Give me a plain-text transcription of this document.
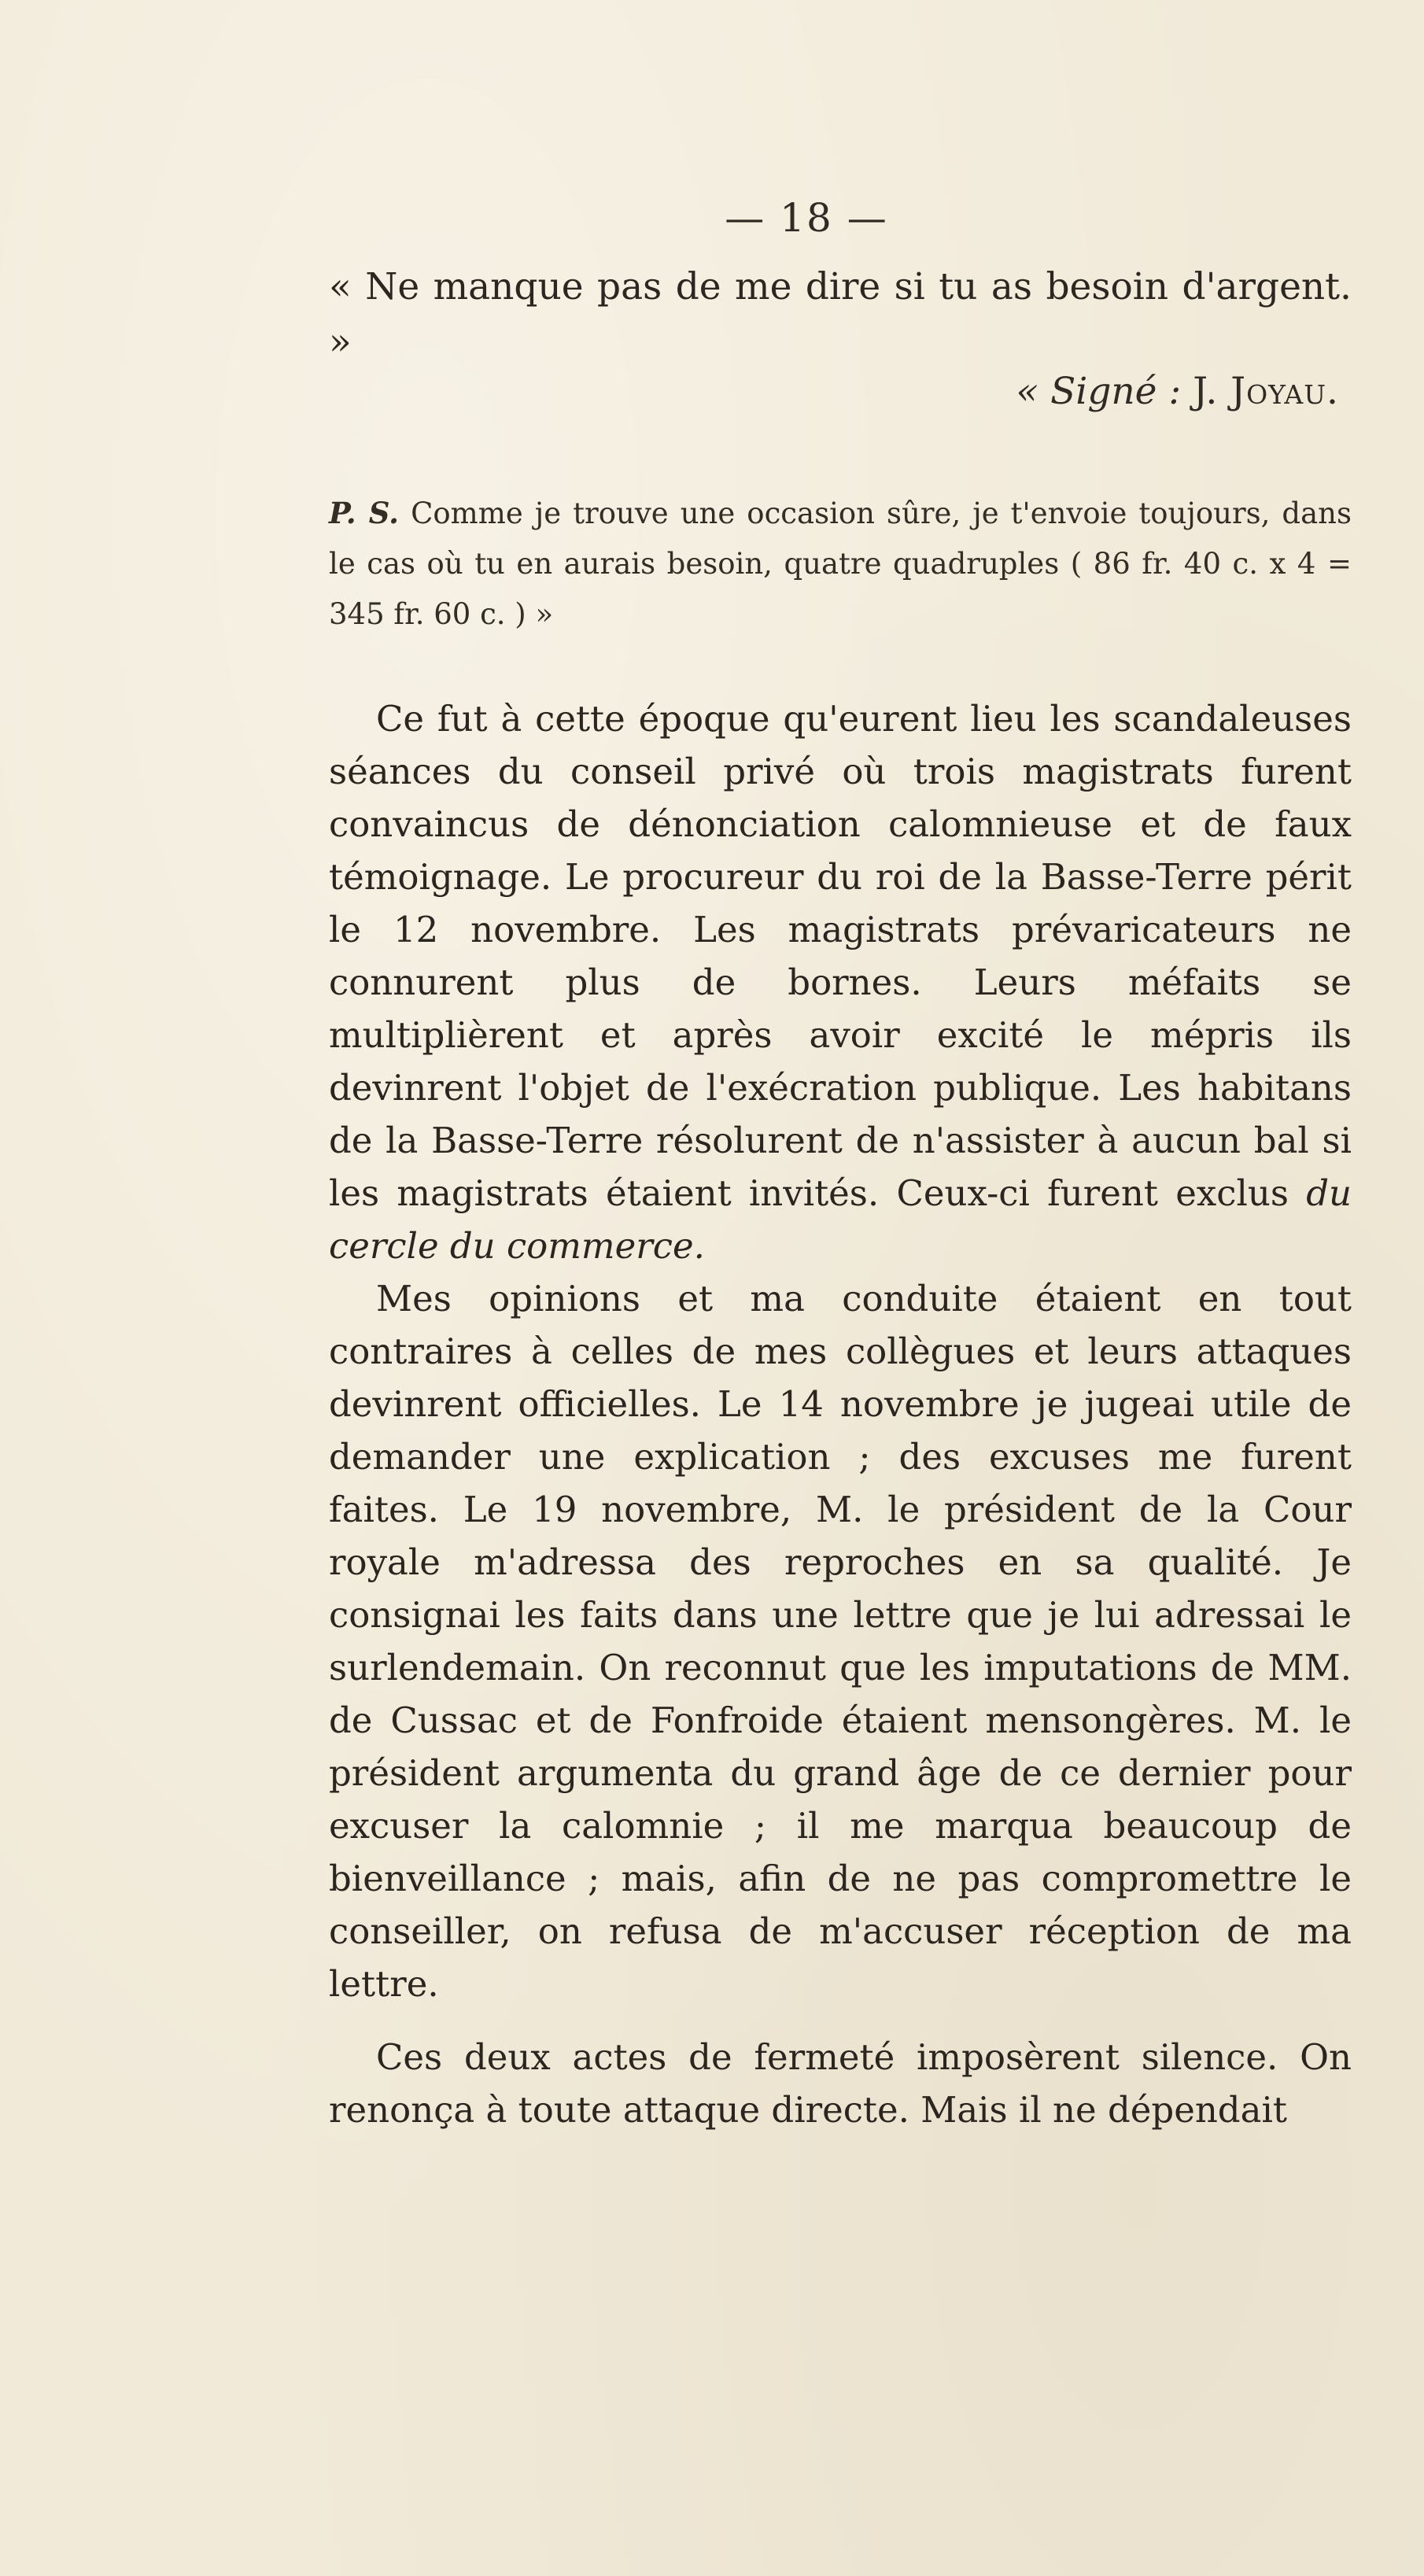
— 18 —
« Ne manque pas de me dire si tu as besoin d'argent. »
« Signé : J. Joyau.
P. S. Comme je trouve une occasion sûre, je t'envoie toujours, dans le cas où tu en aurais besoin, quatre quadruples ( 86 fr. 40 c. x 4 = 345 fr. 60 c. ) »

Ce fut à cette époque qu'eurent lieu les scandaleuses séances du conseil privé où trois magistrats furent convaincus de dénonciation calomnieuse et de faux témoignage. Le procureur du roi de la Basse-Terre périt le 12 novembre. Les magistrats prévaricateurs ne connurent plus de bornes. Leurs méfaits se multiplièrent et après avoir excité le mépris ils devinrent l'objet de l'exécration publique. Les habitans de la Basse-Terre résolurent de n'assister à aucun bal si les magistrats étaient invités. Ceux-ci furent exclus du cercle du commerce.

Mes opinions et ma conduite étaient en tout contraires à celles de mes collègues et leurs attaques devinrent officielles. Le 14 novembre je jugeai utile de demander une explication ; des excuses me furent faites. Le 19 novembre, M. le président de la Cour royale m'adressa des reproches en sa qualité. Je consignai les faits dans une lettre que je lui adressai le surlendemain. On reconnut que les imputations de MM. de Cussac et de Fonfroide étaient mensongères. M. le président argumenta du grand âge de ce dernier pour excuser la calomnie ; il me marqua beaucoup de bienveillance ; mais, afin de ne pas compromettre le conseiller, on refusa de m'accuser réception de ma lettre.

Ces deux actes de fermeté imposèrent silence. On renonça à toute attaque directe. Mais il ne dépendait
